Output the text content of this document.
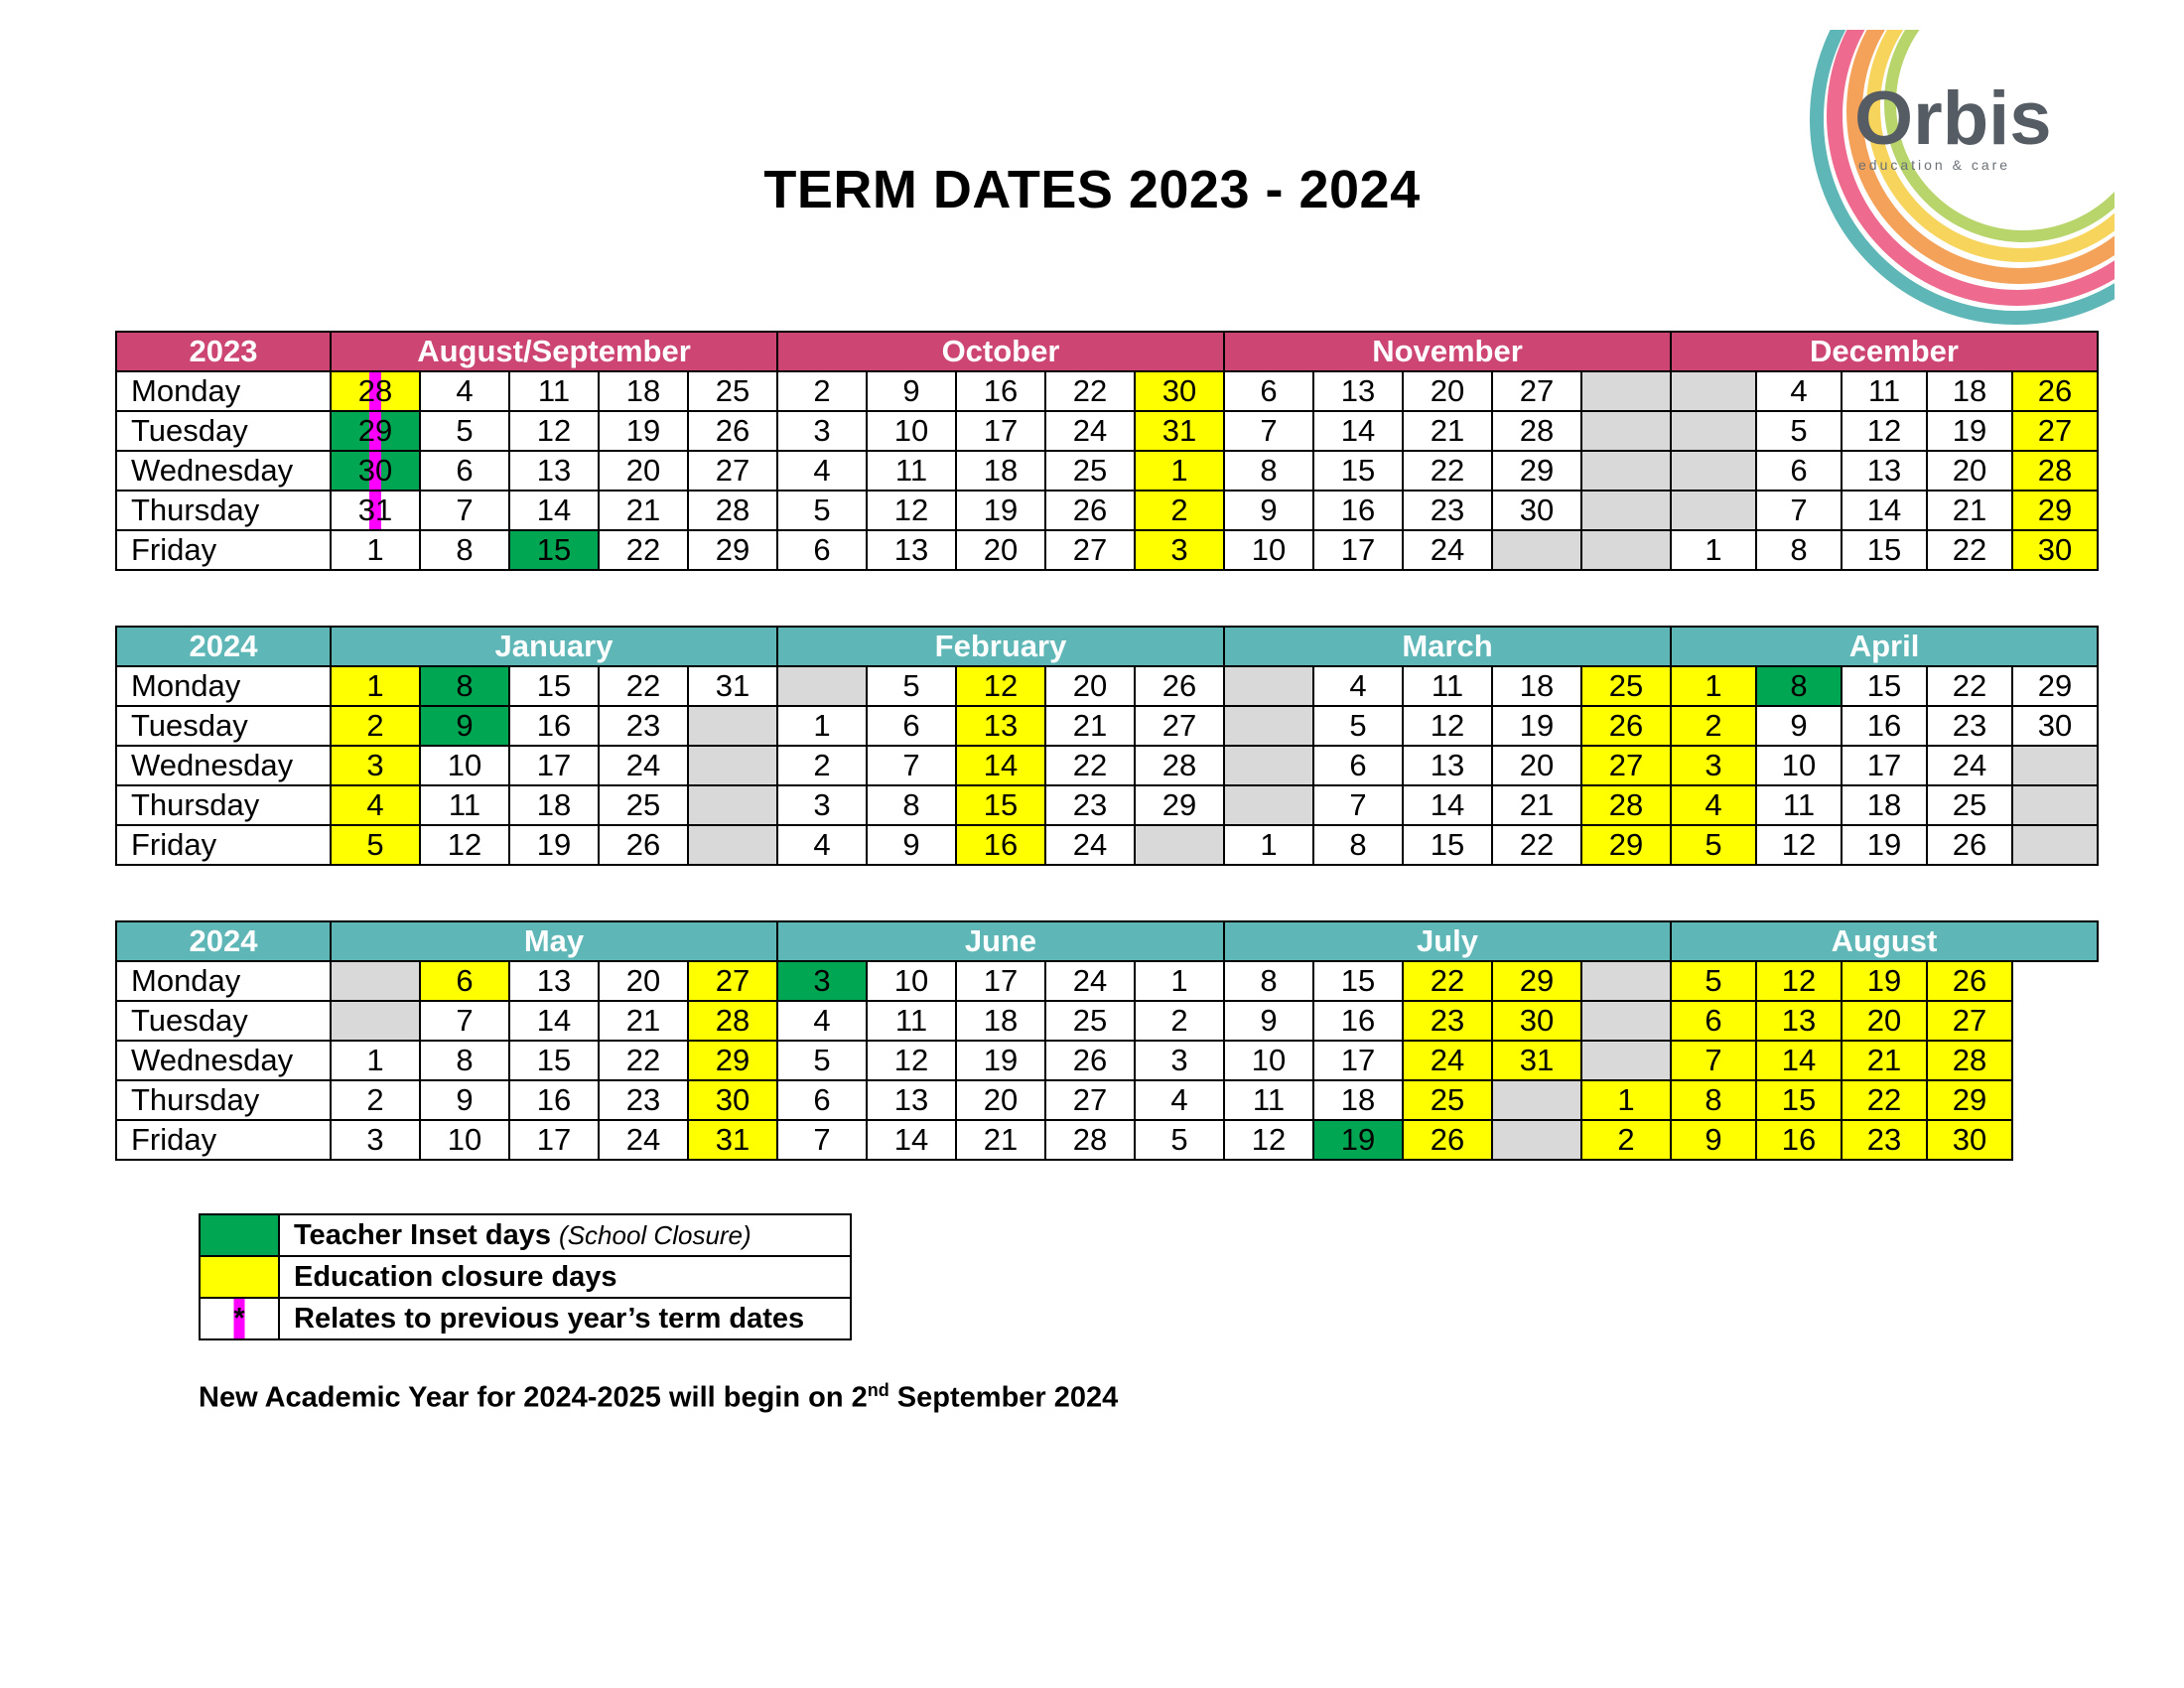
TERM DATES 2023 - 2024
Orbis
education & care
2023	August/September					October					November					December				
Monday	28	4	11	18	25	2	9	16	22	30	6	13	20	27			4	11	18	26
Tuesday	29	5	12	19	26	3	10	17	24	31	7	14	21	28			5	12	19	27
Wednesday	30	6	13	20	27	4	11	18	25	1	8	15	22	29			6	13	20	28
Thursday	31	7	14	21	28	5	12	19	26	2	9	16	23	30			7	14	21	29
Friday	1	8	15	22	29	6	13	20	27	3	10	17	24			1	8	15	22	30
2024	January					February					March					April				
Monday	1	8	15	22	31		5	12	20	26		4	11	18	25	1	8	15	22	29
Tuesday	2	9	16	23		1	6	13	21	27		5	12	19	26	2	9	16	23	30
Wednesday	3	10	17	24		2	7	14	22	28		6	13	20	27	3	10	17	24	
Thursday	4	11	18	25		3	8	15	23	29		7	14	21	28	4	11	18	25	
Friday	5	12	19	26		4	9	16	24		1	8	15	22	29	5	12	19	26	
2024	May					June					July					August				
Monday		6	13	20	27	3	10	17	24	1	8	15	22	29		5	12	19	26	
Tuesday		7	14	21	28	4	11	18	25	2	9	16	23	30		6	13	20	27	
Wednesday	1	8	15	22	29	5	12	19	26	3	10	17	24	31		7	14	21	28	
Thursday	2	9	16	23	30	6	13	20	27	4	11	18	25		1	8	15	22	29	
Friday	3	10	17	24	31	7	14	21	28	5	12	19	26		2	9	16	23	30	
	Teacher Inset days (School Closure)
	Education closure days
*	Relates to previous year’s term dates
New Academic Year for 2024-2025 will begin on 2nd September 2024
